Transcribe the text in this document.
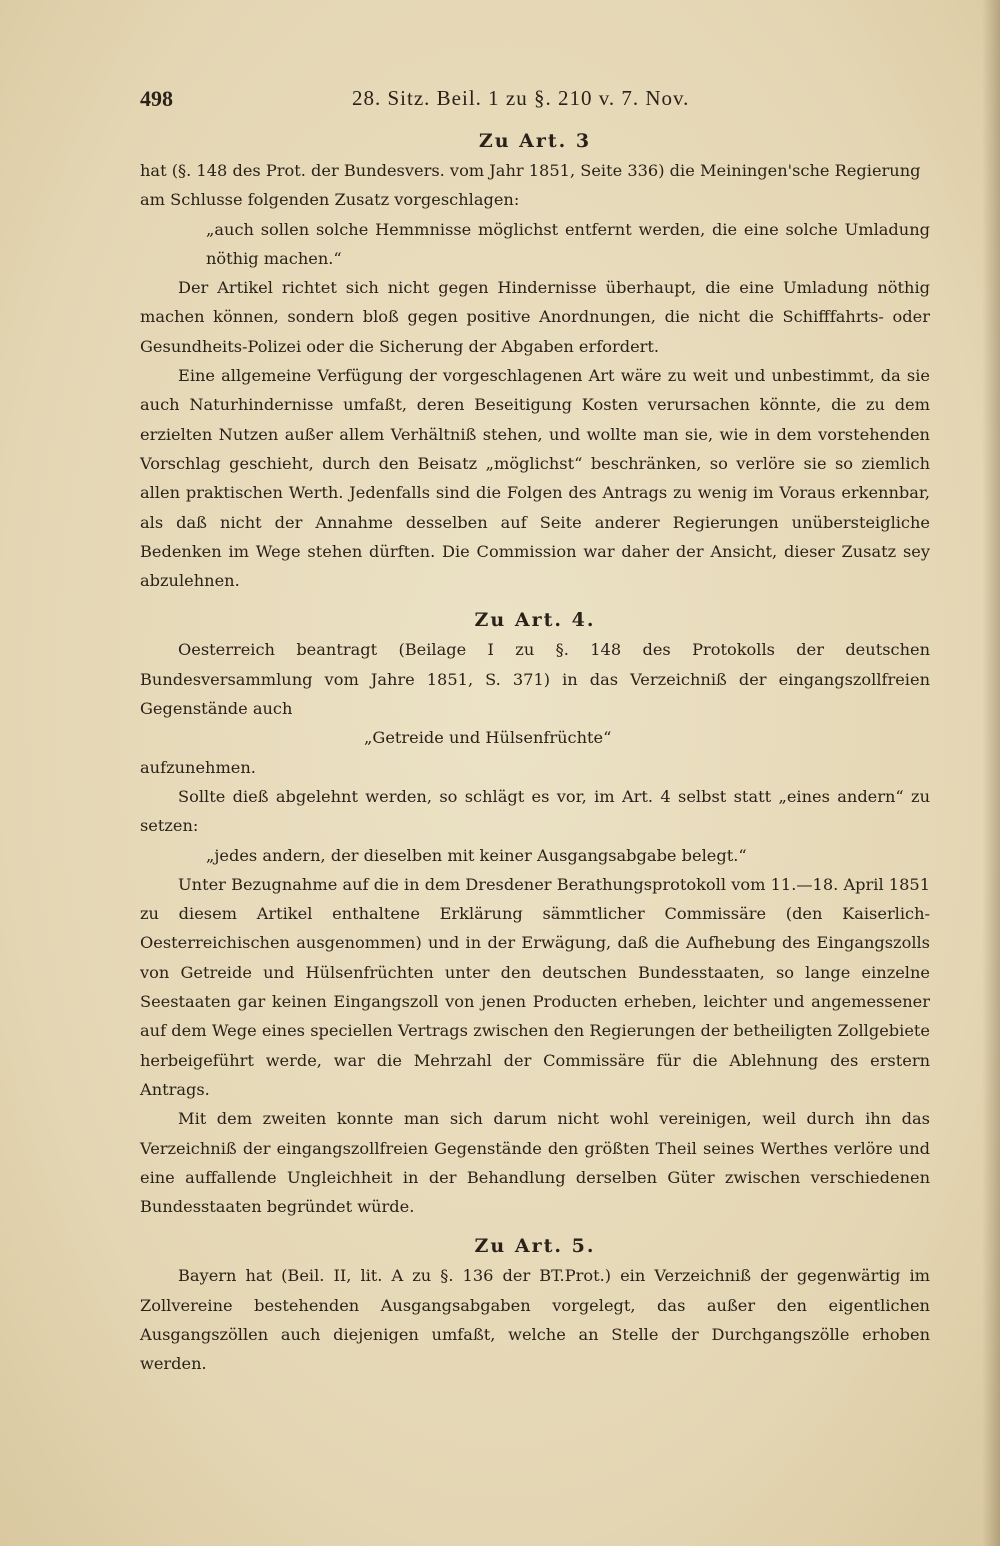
498	28. Sitz. Beil. 1 zu §. 210 v. 7. Nov.
Zu Art. 3

hat (§. 148 des Prot. der Bundesvers. vom Jahr 1851, Seite 336) die Meiningen'sche Regierung am Schlusse folgenden Zusatz vorgeschlagen:

„auch sollen solche Hemmnisse möglichst entfernt werden, die eine solche Umladung nöthig machen.“

Der Artikel richtet sich nicht gegen Hindernisse überhaupt, die eine Umladung nöthig machen können, sondern bloß gegen positive Anordnungen, die nicht die Schifffahrts- oder Gesundheits-Polizei oder die Sicherung der Abgaben erfordert.

Eine allgemeine Verfügung der vorgeschlagenen Art wäre zu weit und unbestimmt, da sie auch Naturhindernisse umfaßt, deren Beseitigung Kosten verursachen könnte, die zu dem erzielten Nutzen außer allem Verhältniß stehen, und wollte man sie, wie in dem vorstehenden Vorschlag geschieht, durch den Beisatz „möglichst“ beschränken, so verlöre sie so ziemlich allen praktischen Werth. Jedenfalls sind die Folgen des Antrags zu wenig im Voraus erkennbar, als daß nicht der Annahme desselben auf Seite anderer Regierungen unübersteigliche Bedenken im Wege stehen dürften. Die Commission war daher der Ansicht, dieser Zusatz sey abzulehnen.

Zu Art. 4.

Oesterreich beantragt (Beilage I zu §. 148 des Protokolls der deutschen Bundesversammlung vom Jahre 1851, S. 371) in das Verzeichniß der eingangszollfreien Gegenstände auch

„Getreide und Hülsenfrüchte“

aufzunehmen.

Sollte dieß abgelehnt werden, so schlägt es vor, im Art. 4 selbst statt „eines andern“ zu setzen:

„jedes andern, der dieselben mit keiner Ausgangsabgabe belegt.“

Unter Bezugnahme auf die in dem Dresdener Berathungsprotokoll vom 11.—18. April 1851 zu diesem Artikel enthaltene Erklärung sämmtlicher Commissäre (den Kaiserlich-Oesterreichischen ausgenommen) und in der Erwägung, daß die Aufhebung des Eingangszolls von Getreide und Hülsenfrüchten unter den deutschen Bundesstaaten, so lange einzelne Seestaaten gar keinen Eingangszoll von jenen Producten erheben, leichter und angemessener auf dem Wege eines speciellen Vertrags zwischen den Regierungen der betheiligten Zollgebiete herbeigeführt werde, war die Mehrzahl der Commissäre für die Ablehnung des erstern Antrags.

Mit dem zweiten konnte man sich darum nicht wohl vereinigen, weil durch ihn das Verzeichniß der eingangszollfreien Gegenstände den größten Theil seines Werthes verlöre und eine auffallende Ungleichheit in der Behandlung derselben Güter zwischen verschiedenen Bundesstaaten begründet würde.

Zu Art. 5.

Bayern hat (Beil. II, lit. A zu §. 136 der BT.Prot.) ein Verzeichniß der gegenwärtig im Zollvereine bestehenden Ausgangsabgaben vorgelegt, das außer den eigentlichen Ausgangszöllen auch diejenigen umfaßt, welche an Stelle der Durchgangszölle erhoben werden.
